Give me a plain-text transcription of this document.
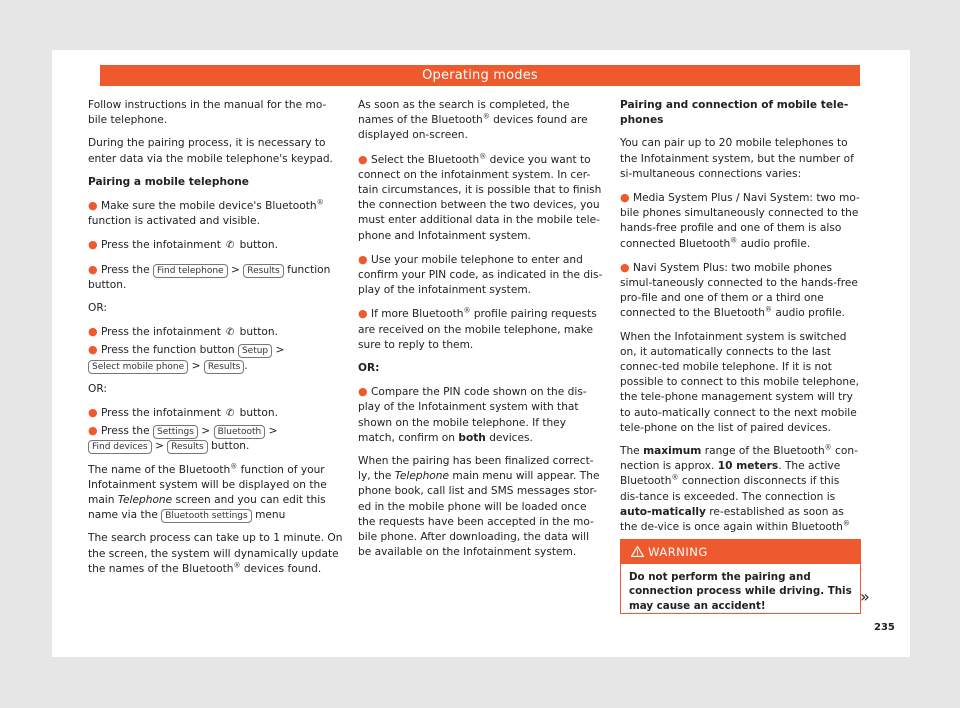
Operating modes

Follow instructions in the manual for the mo-bile telephone.

During the pairing process, it is necessary to enter data via the mobile telephone's keypad.

Pairing a mobile telephone

● Make sure the mobile device's Bluetooth® function is activated and visible.

● Press the infotainment ✆ button.

● Press the Find telephone > Results function button.

OR:

● Press the infotainment ✆ button.

● Press the function button Setup > Select mobile phone > Results .

OR:

● Press the infotainment ✆ button.

● Press the Settings > Bluetooth > Find devices > Results button.

The name of the Bluetooth® function of your Infotainment system will be displayed on the main Telephone screen and you can edit this name via the Bluetooth settings menu

The search process can take up to 1 minute. On the screen, the system will dynamically update the names of the Bluetooth® devices found.

As soon as the search is completed, the names of the Bluetooth® devices found are displayed on-screen.

● Select the Bluetooth® device you want to connect on the infotainment system. In cer-tain circumstances, it is possible that to finish the connection between the two devices, you must enter additional data in the mobile tele-phone and Infotainment system.

● Use your mobile telephone to enter and confirm your PIN code, as indicated in the dis-play of the infotainment system.

● If more Bluetooth® profile pairing requests are received on the mobile telephone, make sure to reply to them.

OR:

● Compare the PIN code shown on the dis-play of the Infotainment system with that shown on the mobile telephone. If they match, confirm on both devices.

When the pairing has been finalized correct-ly, the Telephone main menu will appear. The phone book, call list and SMS messages stor-ed in the mobile phone will be loaded once the requests have been accepted in the mo-bile phone. After downloading, the data will be available on the Infotainment system.

Pairing and connection of mobile tele-phones

You can pair up to 20 mobile telephones to the Infotainment system, but the number of si-multaneous connections varies:

● Media System Plus / Navi System: two mo-bile phones simultaneously connected to the hands-free profile and one of them is also connected Bluetooth® audio profile.

● Navi System Plus: two mobile phones simul-taneously connected to the hands-free pro-file and one of them or a third one connected to the Bluetooth® audio profile.

When the Infotainment system is switched on, it automatically connects to the last connec-ted mobile telephone. If it is not possible to connect to this mobile telephone, the tele-phone management system will try to auto-matically connect to the next mobile tele-phone on the list of paired devices.

The maximum range of the Bluetooth® con-nection is approx. 10 meters. The active Bluetooth® connection disconnects if this dis-tance is exceeded. The connection is auto-matically re-established as soon as the de-vice is once again within Bluetooth®

WARNING
Do not perform the pairing and connection process while driving. This may cause an accident!	»
235
